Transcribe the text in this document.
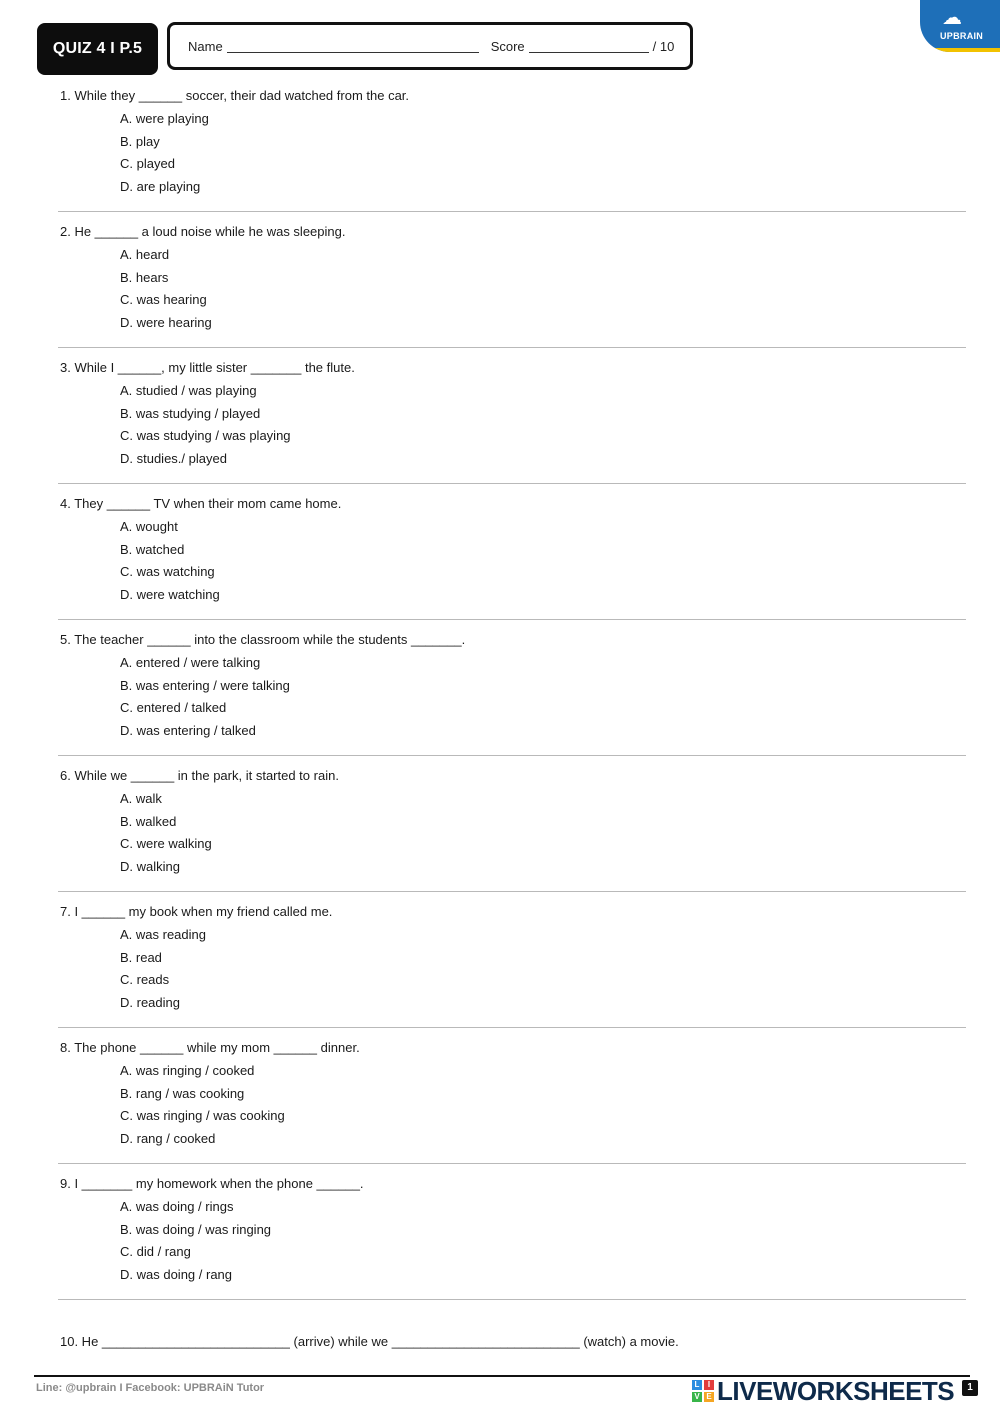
QUIZ 4 I P.5	Name	Score	/ 10
☁
UPBRAIN
1. While they ______ soccer, their dad watched from the car.
A. were playing
B. play
C. played
D. are playing
2. He ______ a loud noise while he was sleeping.
A. heard
B. hears
C. was hearing
D. were hearing
3. While I ______, my little sister _______ the flute.
A. studied / was playing
B. was studying / played
C. was studying / was playing
D. studies./ played
4. They ______ TV when their mom came home.
A. wought
B. watched
C. was watching
D. were watching
5. The teacher ______ into the classroom while the students _______.
A. entered / were talking
B. was entering / were talking
C. entered / talked
D. was entering / talked
6. While we ______ in the park, it started to rain.
A. walk
B. walked
C. were walking
D. walking
7. I ______ my book when my friend called me.
A. was reading
B. read
C. reads
D. reading
8. The phone ______ while my mom ______ dinner.
A. was ringing / cooked
B. rang / was cooking
C. was ringing / was cooking
D. rang / cooked
9. I _______ my homework when the phone ______.
A. was doing / rings
B. was doing / was ringing
C. did / rang
D. was doing / rang
10. He __________________________ (arrive) while we __________________________ (watch) a movie.
Line: @upbrain I Facebook: UPBRAiN Tutor	L	I
V E LIVEWORKSHEETS	1
